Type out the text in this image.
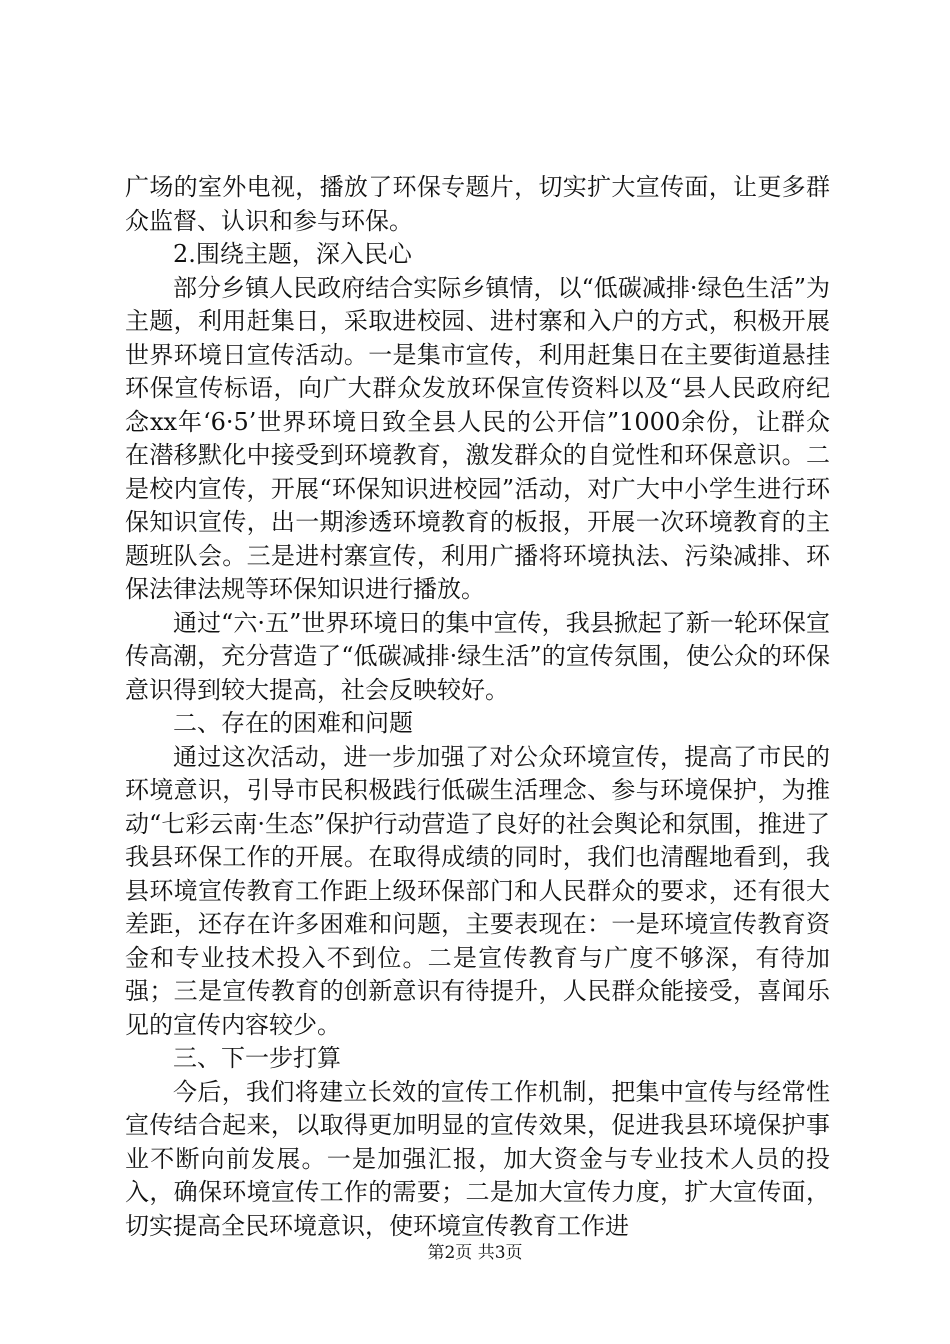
广场的室外电视，播放了环保专题片，切实扩大宣传面，让更多群众监督、认识和参与环保。

2.围绕主题，深入民心

部分乡镇人民政府结合实际乡镇情，以“低碳减排·绿色生活”为主题，利用赶集日，采取进校园、进村寨和入户的方式，积极开展世界环境日宣传活动。一是集市宣传，利用赶集日在主要街道悬挂环保宣传标语，向广大群众发放环保宣传资料以及“县人民政府纪念xx年‘6·5’世界环境日致全县人民的公开信”1000余份，让群众在潜移默化中接受到环境教育，激发群众的自觉性和环保意识。二是校内宣传，开展“环保知识进校园”活动，对广大中小学生进行环保知识宣传，出一期渗透环境教育的板报，开展一次环境教育的主题班队会。三是进村寨宣传，利用广播将环境执法、污染减排、环保法律法规等环保知识进行播放。

通过“六·五”世界环境日的集中宣传，我县掀起了新一轮环保宣传高潮，充分营造了“低碳减排·绿生活”的宣传氛围，使公众的环保意识得到较大提高，社会反映较好。

二、存在的困难和问题

通过这次活动，进一步加强了对公众环境宣传，提高了市民的环境意识，引导市民积极践行低碳生活理念、参与环境保护，为推动“七彩云南·生态”保护行动营造了良好的社会舆论和氛围，推进了我县环保工作的开展。在取得成绩的同时，我们也清醒地看到，我县环境宣传教育工作距上级环保部门和人民群众的要求，还有很大差距，还存在许多困难和问题，主要表现在：一是环境宣传教育资金和专业技术投入不到位。二是宣传教育与广度不够深，有待加强；三是宣传教育的创新意识有待提升，人民群众能接受，喜闻乐见的宣传内容较少。

三、下一步打算

今后，我们将建立长效的宣传工作机制，把集中宣传与经常性宣传结合起来，以取得更加明显的宣传效果，促进我县环境保护事业不断向前发展。一是加强汇报，加大资金与专业技术人员的投入，确保环境宣传工作的需要；二是加大宣传力度，扩大宣传面，切实提高全民环境意识，使环境宣传教育工作进

第2页 共3页
